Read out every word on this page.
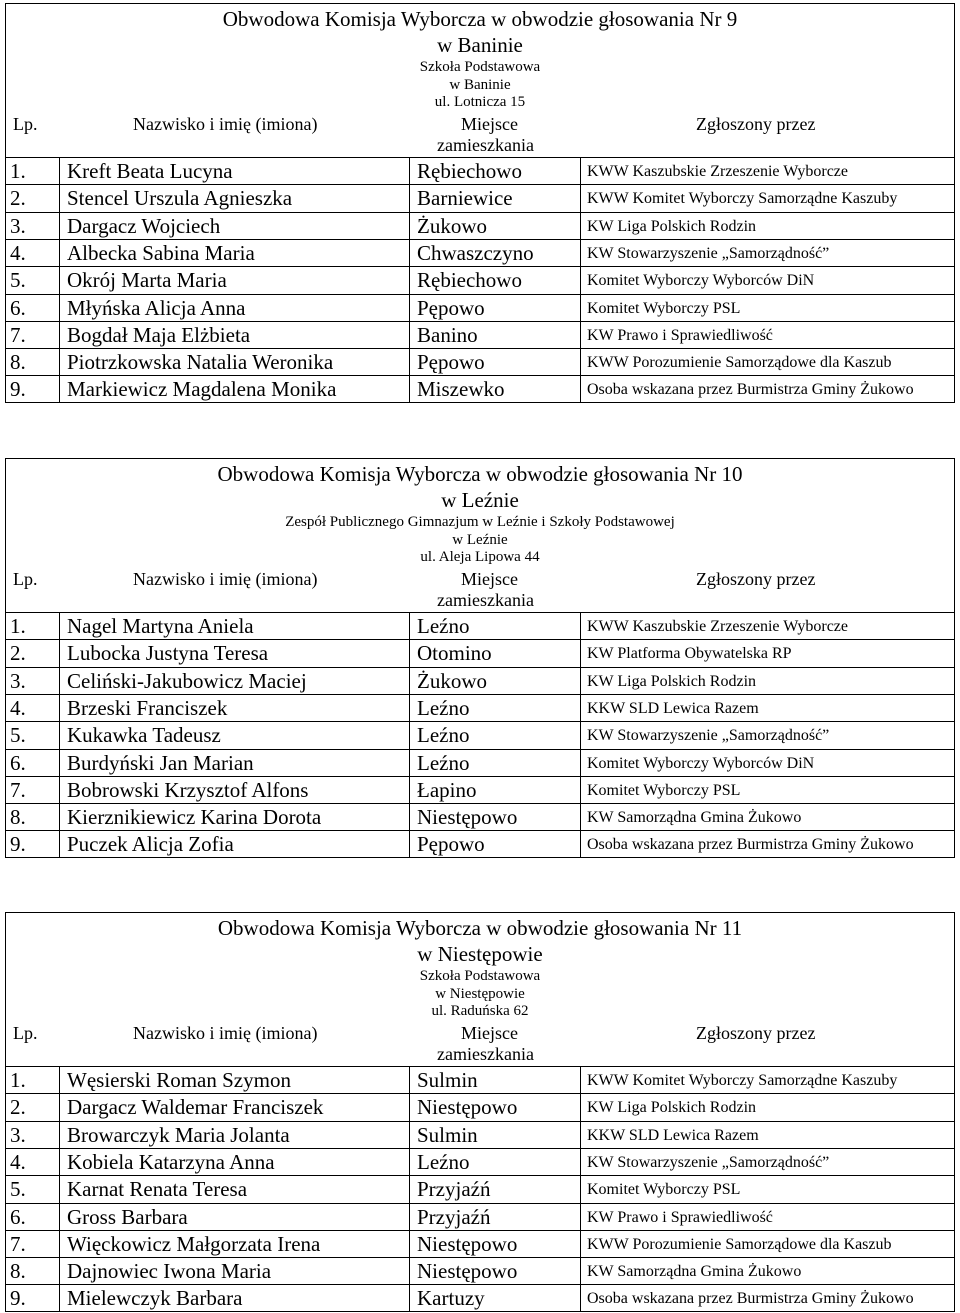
Obwodowa Komisja Wyborcza w obwodzie głosowania Nr 9
w Baninie
Szkoła Podstawowa
w Baninie
ul. Lotnicza 15
Lp.	Nazwisko i imię (imiona)	Miejsce
zamieszkania
Zgłoszony przez
1.	Kreft Beata Lucyna	Rębiechowo	KWW Kaszubskie Zrzeszenie Wyborcze
2.	Stencel Urszula Agnieszka	Barniewice	KWW Komitet Wyborczy Samorządne Kaszuby
3.	Dargacz Wojciech	Żukowo	KW Liga Polskich Rodzin
4.	Albecka Sabina Maria	Chwaszczyno	KW Stowarzyszenie „Samorządność”
5.	Okrój Marta Maria	Rębiechowo	Komitet Wyborczy Wyborców DiN
6.	Młyńska Alicja Anna	Pępowo	Komitet Wyborczy PSL
7.	Bogdał Maja Elżbieta	Banino	KW Prawo i Sprawiedliwość
8.	Piotrzkowska Natalia Weronika	Pępowo	KWW Porozumienie Samorządowe dla Kaszub
9.	Markiewicz Magdalena Monika	Miszewko	Osoba wskazana przez Burmistrza Gminy Żukowo
Obwodowa Komisja Wyborcza w obwodzie głosowania Nr 10
w Leźnie
Zespół Publicznego Gimnazjum w Leźnie i Szkoły Podstawowej
w Leźnie
ul. Aleja Lipowa 44
Lp.	Nazwisko i imię (imiona)	Miejsce
zamieszkania
Zgłoszony przez
1.	Nagel Martyna Aniela	Leźno	KWW Kaszubskie Zrzeszenie Wyborcze
2.	Lubocka Justyna Teresa	Otomino	KW Platforma Obywatelska RP
3.	Celiński-Jakubowicz Maciej	Żukowo	KW Liga Polskich Rodzin
4.	Brzeski Franciszek	Leźno	KKW SLD Lewica Razem
5.	Kukawka Tadeusz	Leźno	KW Stowarzyszenie „Samorządność”
6.	Burdyński Jan Marian	Leźno	Komitet Wyborczy Wyborców DiN
7.	Bobrowski Krzysztof Alfons	Łapino	Komitet Wyborczy PSL
8.	Kierznikiewicz Karina Dorota	Niestępowo	KW Samorządna Gmina Żukowo
9.	Puczek Alicja Zofia	Pępowo	Osoba wskazana przez Burmistrza Gminy Żukowo
Obwodowa Komisja Wyborcza w obwodzie głosowania Nr 11
w Niestępowie
Szkoła Podstawowa
w Niestępowie
ul. Raduńska 62
Lp.	Nazwisko i imię (imiona)	Miejsce
zamieszkania
Zgłoszony przez
1.	Węsierski Roman Szymon	Sulmin	KWW Komitet Wyborczy Samorządne Kaszuby
2.	Dargacz Waldemar Franciszek	Niestępowo	KW Liga Polskich Rodzin
3.	Browarczyk Maria Jolanta	Sulmin	KKW SLD Lewica Razem
4.	Kobiela Katarzyna Anna	Leźno	KW Stowarzyszenie „Samorządność”
5.	Karnat Renata Teresa	Przyjaźń	Komitet Wyborczy PSL
6.	Gross Barbara	Przyjaźń	KW Prawo i Sprawiedliwość
7.	Więckowicz Małgorzata Irena	Niestępowo	KWW Porozumienie Samorządowe dla Kaszub
8.	Dajnowiec Iwona Maria	Niestępowo	KW Samorządna Gmina Żukowo
9.	Mielewczyk Barbara	Kartuzy	Osoba wskazana przez Burmistrza Gminy Żukowo
